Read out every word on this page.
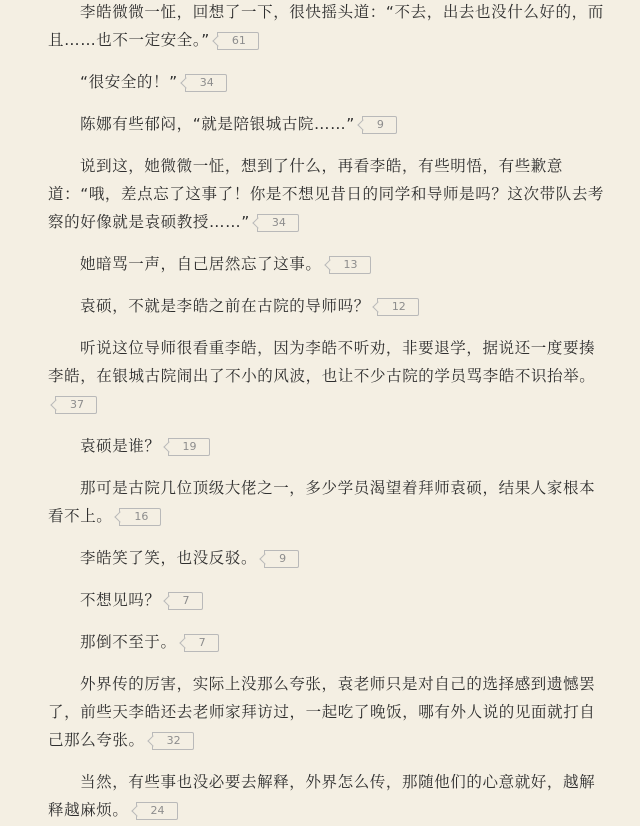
李皓微微一怔，回想了一下，很快摇头道：“不去，出去也没什么好的，而且……也不一定安全。” 61

“很安全的！” 34

陈娜有些郁闷，“就是陪银城古院……” 9

说到这，她微微一怔，想到了什么，再看李皓，有些明悟，有些歉意道：“哦，差点忘了这事了！你是不想见昔日的同学和导师是吗？这次带队去考察的好像就是袁硕教授……” 34

她暗骂一声，自己居然忘了这事。 13

袁硕，不就是李皓之前在古院的导师吗？ 12

听说这位导师很看重李皓，因为李皓不听劝，非要退学，据说还一度要揍李皓，在银城古院闹出了不小的风波，也让不少古院的学员骂李皓不识抬举。37

袁硕是谁？ 19

那可是古院几位顶级大佬之一，多少学员渴望着拜师袁硕，结果人家根本看不上。 16

李皓笑了笑，也没反驳。 9

不想见吗？ 7

那倒不至于。 7

外界传的厉害，实际上没那么夸张，袁老师只是对自己的选择感到遗憾罢了，前些天李皓还去老师家拜访过，一起吃了晚饭，哪有外人说的见面就打自己那么夸张。 32

当然，有些事也没必要去解释，外界怎么传，那随他们的心意就好，越解释越麻烦。 24
